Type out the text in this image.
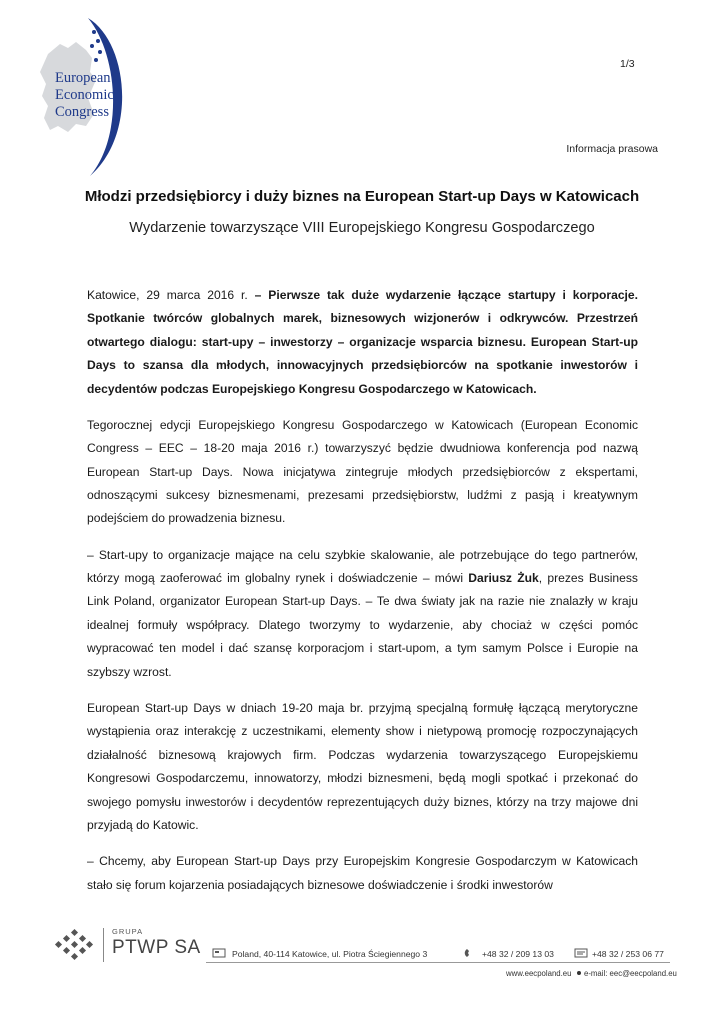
European
Economic
Congress
1/3
Informacja prasowa
Młodzi przedsiębiorcy i duży biznes na European Start-up Days w Katowicach
Wydarzenie towarzyszące VIII Europejskiego Kongresu Gospodarczego

Katowice, 29 marca 2016 r. – Pierwsze tak duże wydarzenie łączące startupy i korporacje. Spotkanie twórców globalnych marek, biznesowych wizjonerów i odkrywców. Przestrzeń otwartego dialogu: start-upy – inwestorzy – organizacje wsparcia biznesu. European Start-up Days to szansa dla młodych, innowacyjnych przedsiębiorców na spotkanie inwestorów i decydentów podczas Europejskiego Kongresu Gospodarczego w Katowicach.

Tegorocznej edycji Europejskiego Kongresu Gospodarczego w Katowicach (European Economic Congress – EEC – 18-20 maja 2016 r.) towarzyszyć będzie dwudniowa konferencja pod nazwą European Start-up Days. Nowa inicjatywa zintegruje młodych przedsiębiorców z ekspertami, odnoszącymi sukcesy biznesmenami, prezesami przedsiębiorstw, ludźmi z pasją i kreatywnym podejściem do prowadzenia biznesu.

– Start-upy to organizacje mające na celu szybkie skalowanie, ale potrzebujące do tego partnerów, którzy mogą zaoferować im globalny rynek i doświadczenie – mówi Dariusz Żuk, prezes Business Link Poland, organizator European Start-up Days. – Te dwa światy jak na razie nie znalazły w kraju idealnej formuły współpracy. Dlatego tworzymy to wydarzenie, aby chociaż w części pomóc wypracować ten model i dać szansę korporacjom i start-upom, a tym samym Polsce i Europie na szybszy wzrost.

European Start-up Days w dniach 19-20 maja br. przyjmą specjalną formułę łączącą merytoryczne wystąpienia oraz interakcję z uczestnikami, elementy show i nietypową promocję rozpoczynających działalność biznesową krajowych firm. Podczas wydarzenia towarzyszącego Europejskiemu Kongresowi Gospodarczemu, innowatorzy, młodzi biznesmeni, będą mogli spotkać i przekonać do swojego pomysłu inwestorów i decydentów reprezentujących duży biznes, którzy na trzy majowe dni przyjadą do Katowic.

– Chcemy, aby European Start-up Days przy Europejskim Kongresie Gospodarczym w Katowicach stało się forum kojarzenia posiadających biznesowe doświadczenie i środki inwestorów

GRUPA
PTWP SA	Poland, 40-114 Katowice, ul. Piotra Ściegiennego 3	+48 32 / 209 13 03	+48 32 / 253 06 77
www.eecpoland.eu e-mail: eec@eecpoland.eu
